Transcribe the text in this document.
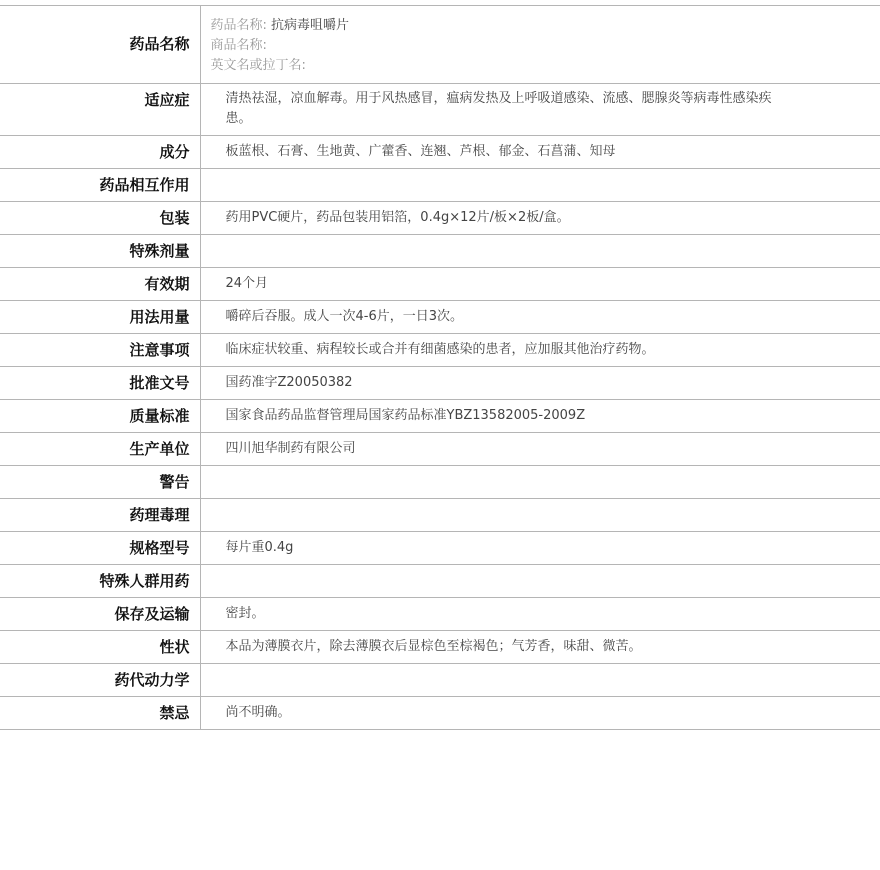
药品名称	药品名称: 抗病毒咀嚼片
商品名称:
英文名或拉丁名:

适应症	清热祛湿，凉血解毒。用于风热感冒，瘟病发热及上呼吸道感染、流感、腮腺炎等病毒性感染疾患。
成分	板蓝根、石膏、生地黄、广藿香、连翘、芦根、郁金、石菖蒲、知母
药品相互作用	
包装	药用PVC硬片，药品包装用铝箔，0.4g×12片/板×2板/盒。
特殊剂量	
有效期	24个月
用法用量	嚼碎后吞服。成人一次4-6片，一日3次。
注意事项	临床症状较重、病程较长或合并有细菌感染的患者，应加服其他治疗药物。
批准文号	国药准字Z20050382
质量标准	国家食品药品监督管理局国家药品标准YBZ13582005-2009Z
生产单位	四川旭华制药有限公司
警告	
药理毒理	
规格型号	每片重0.4g
特殊人群用药	
保存及运输	密封。
性状	本品为薄膜衣片，除去薄膜衣后显棕色至棕褐色；气芳香，味甜、微苦。
药代动力学	
禁忌	尚不明确。
